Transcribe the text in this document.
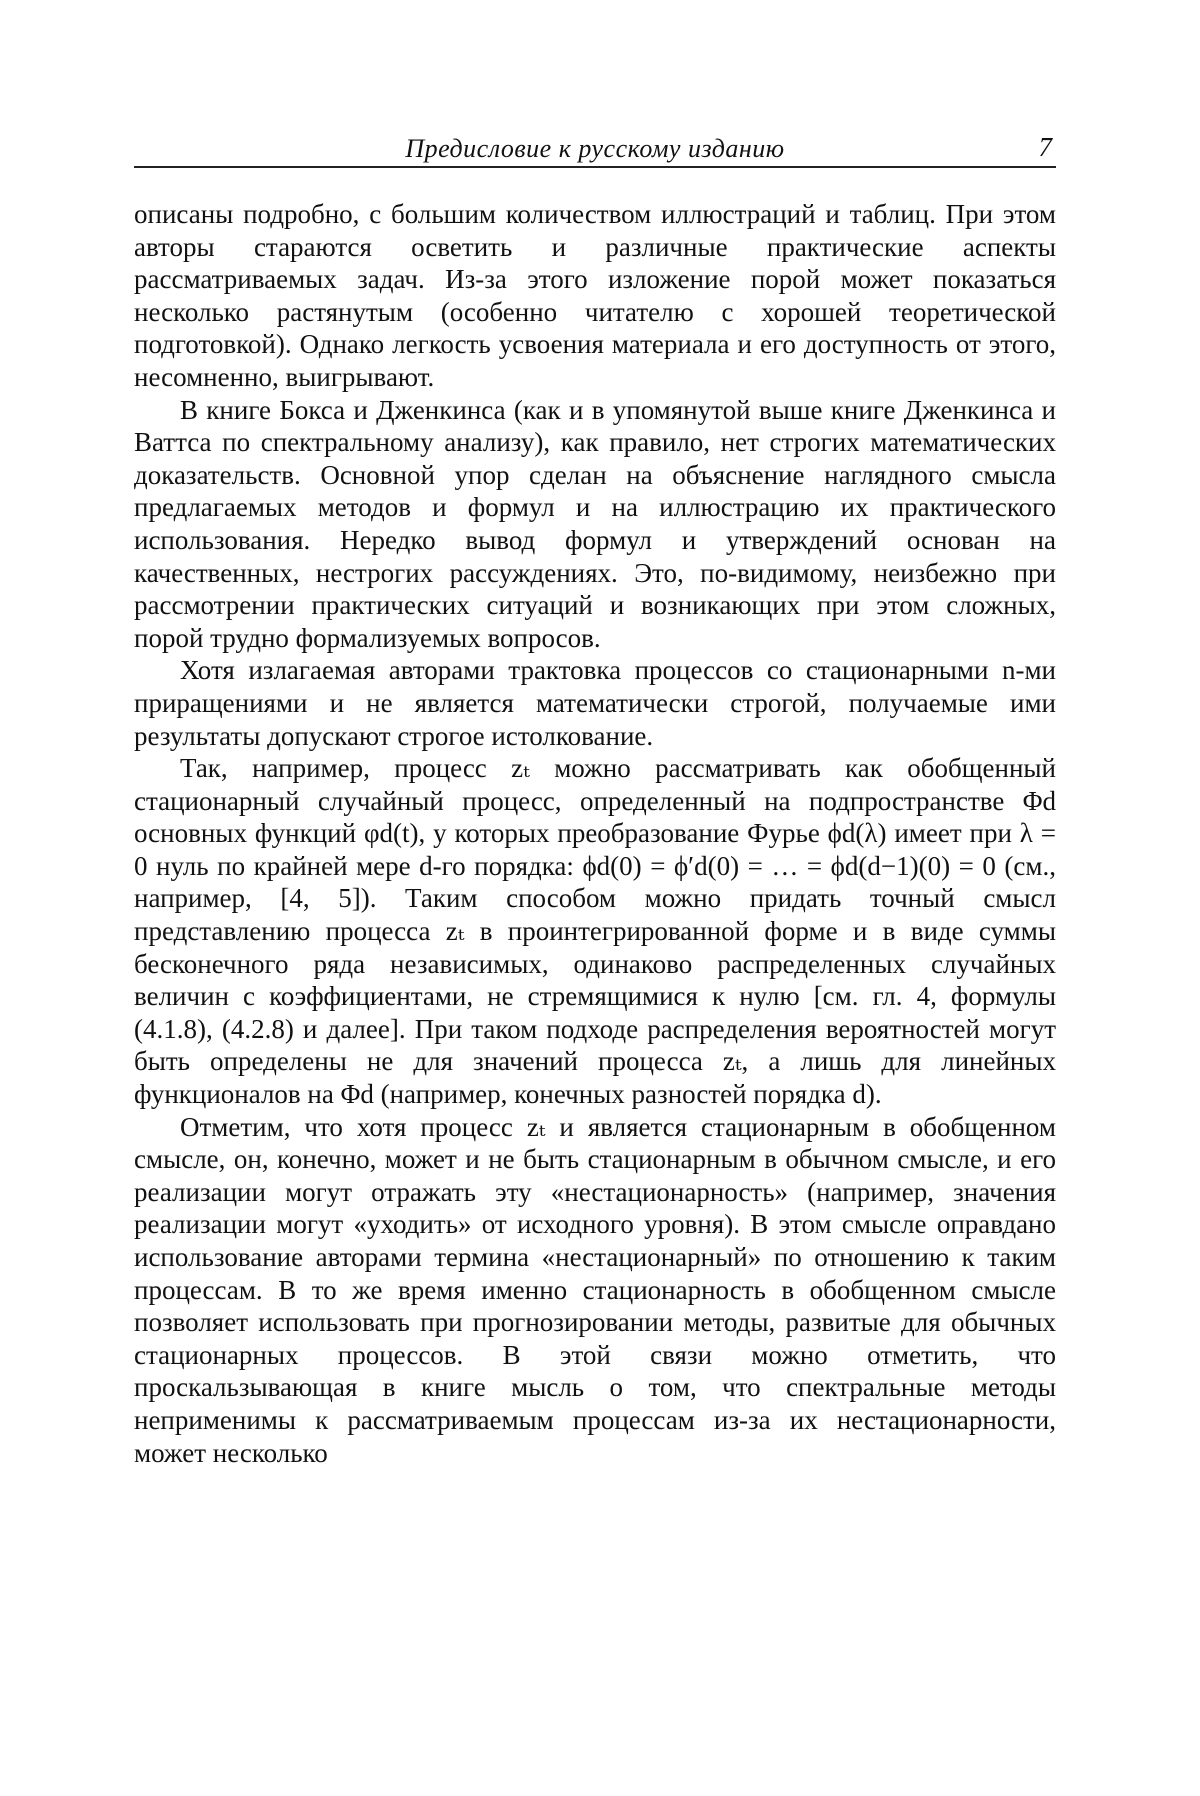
Предисловие к русскому изданию	7

описаны подробно, с большим количеством иллюстраций и таблиц. При этом авторы стараются осветить и различные практические аспекты рассматриваемых задач. Из-за этого изложение порой может показаться несколько растянутым (особенно читателю с хорошей теоретической подготовкой). Однако легкость усвоения материала и его доступность от этого, несомненно, выигрывают.

В книге Бокса и Дженкинса (как и в упомянутой выше книге Дженкинса и Ваттса по спектральному анализу), как правило, нет строгих математических доказательств. Основной упор сделан на объяснение наглядного смысла предлагаемых методов и формул и на иллюстрацию их практического использования. Нередко вывод формул и утверждений основан на качественных, нестрогих рассуждениях. Это, по-видимому, неизбежно при рассмотрении практических ситуаций и возникающих при этом сложных, порой трудно формализуемых вопросов.

Хотя излагаемая авторами трактовка процессов со стационарными n-ми приращениями и не является математически строгой, получаемые ими результаты допускают строгое истолкование.

Так, например, процесс zₜ можно рассматривать как обобщенный стационарный случайный процесс, определенный на подпространстве Φd основных функций φd(t), у которых преобразование Фурье ϕd(λ) имеет при λ = 0 нуль по крайней мере d-го порядка: ϕd(0) = ϕ′d(0) = … = ϕd(d−1)(0) = 0 (см., например, [4, 5]). Таким способом можно придать точный смысл представлению процесса zₜ в проинтегрированной форме и в виде суммы бесконечного ряда независимых, одинаково распределенных случайных величин с коэффициентами, не стремящимися к нулю [см. гл. 4, формулы (4.1.8), (4.2.8) и далее]. При таком подходе распределения вероятностей могут быть определены не для значений процесса zₜ, а лишь для линейных функционалов на Φd (например, конечных разностей порядка d).

Отметим, что хотя процесс zₜ и является стационарным в обобщенном смысле, он, конечно, может и не быть стационарным в обычном смысле, и его реализации могут отражать эту «нестационарность» (например, значения реализации могут «уходить» от исходного уровня). В этом смысле оправдано использование авторами термина «нестационарный» по отношению к таким процессам. В то же время именно стационарность в обобщенном смысле позволяет использовать при прогнозировании методы, развитые для обычных стационарных процессов. В этой связи можно отметить, что проскальзывающая в книге мысль о том, что спектральные методы неприменимы к рассматриваемым процессам из-за их нестационарности, может несколько
